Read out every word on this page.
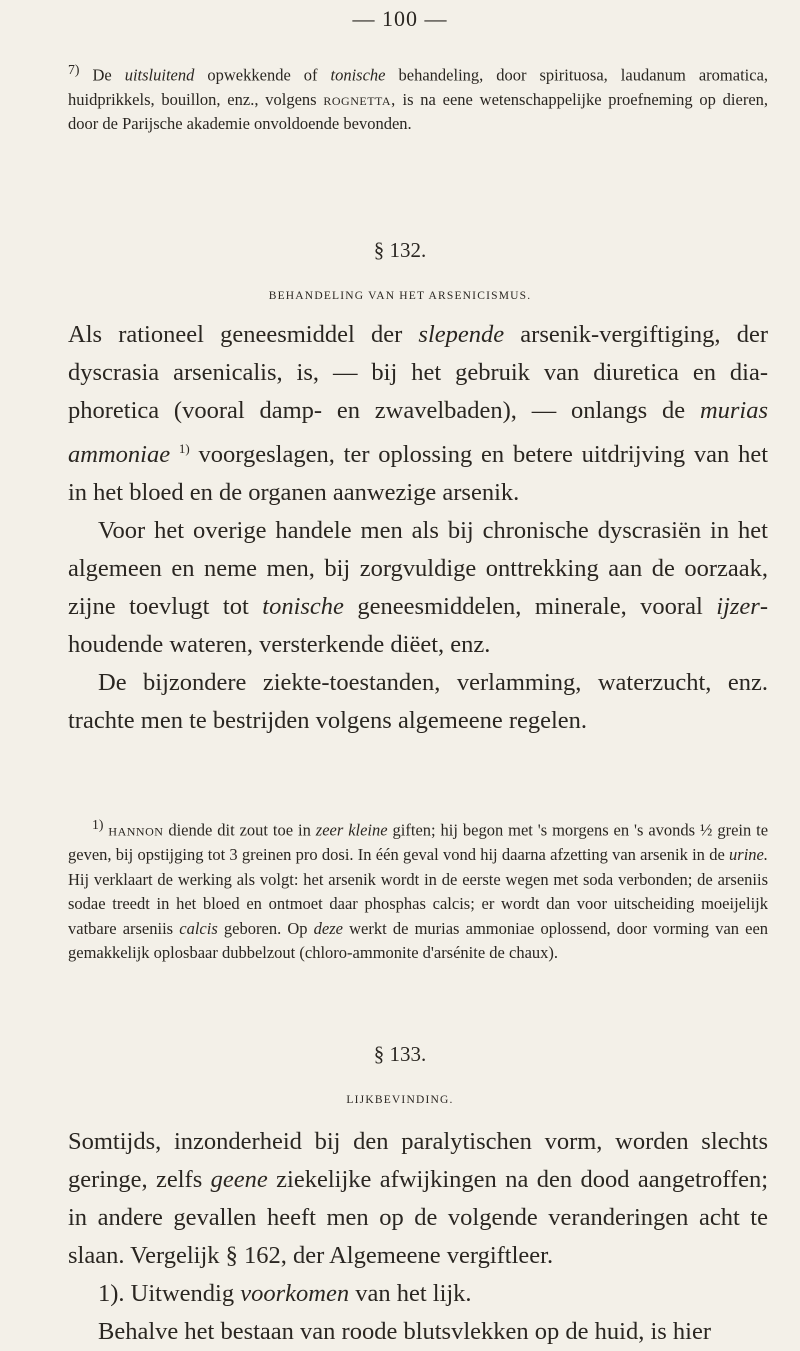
— 100 —
$^{7)}$ De uitsluitend opwekkende of tonische behandeling, door spirituosa, laudanum aromatica, huidprikkels, bouillon, enz., volgens rognetta, is na eene wetenschappelijke proefneming op dieren, door de Parijsche akademie onvoldoende bevonden.
§ 132.
BEHANDELING VAN HET ARSENICISMUS.

Als rationeel geneesmiddel der slepende arsenik-vergiftiging, der dyscrasia arsenicalis, is, — bij het gebruik van diuretica en dia-phoretica (vooral damp- en zwavelbaden), — onlangs de murias ammoniae $^{1)}$ voorgeslagen, ter oplossing en betere uitdrijving van het in het bloed en de organen aanwezige arsenik.

Voor het overige handele men als bij chronische dyscrasiën in het algemeen en neme men, bij zorgvuldige onttrekking aan de oorzaak, zijne toevlugt tot tonische geneesmiddelen, minerale, vooral ijzer-houdende wateren, versterkende diëet, enz.

De bijzondere ziekte-toestanden, verlamming, waterzucht, enz. trachte men te bestrijden volgens algemeene regelen.

$^{1)}$ hannon diende dit zout toe in zeer kleine giften; hij begon met 's morgens en 's avonds ½ grein te geven, bij opstijging tot 3 greinen pro dosi. In één geval vond hij daarna afzetting van arsenik in de urine. Hij verklaart de werking als volgt: het arsenik wordt in de eerste wegen met soda verbonden; de arseniis sodae treedt in het bloed en ontmoet daar phosphas calcis; er wordt dan voor uitscheiding moeijelijk vatbare arseniis calcis geboren. Op deze werkt de murias ammoniae oplossend, door vorming van een gemakkelijk oplosbaar dubbelzout (chloro-ammonite d'arsénite de chaux).

§ 133.
LIJKBEVINDING.

Somtijds, inzonderheid bij den paralytischen vorm, worden slechts geringe, zelfs geene ziekelijke afwijkingen na den dood aangetroffen; in andere gevallen heeft men op de volgende veranderingen acht te slaan. Vergelijk § 162, der Algemeene vergiftleer.

1). Uitwendig voorkomen van het lijk.

Behalve het bestaan van roode blutsvlekken op de huid, is hier
